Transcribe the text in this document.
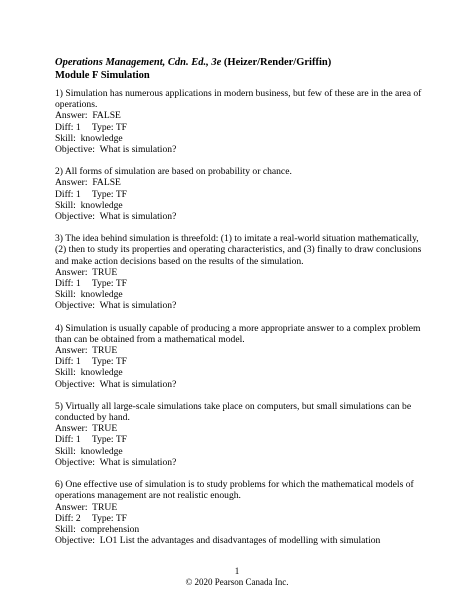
Operations Management, Cdn. Ed., 3e (Heizer/Render/Griffin)
Module F Simulation

1) Simulation has numerous applications in modern business, but few of these are in the area of operations.

Answer:  FALSE
Diff: 1 Type: TF
Skill:  knowledge
Objective:  What is simulation?

2) All forms of simulation are based on probability or chance.

Answer:  FALSE
Diff: 1 Type: TF
Skill:  knowledge
Objective:  What is simulation?

3) The idea behind simulation is threefold: (1) to imitate a real-world situation mathematically, (2) then to study its properties and operating characteristics, and (3) finally to draw conclusions and make action decisions based on the results of the simulation.

Answer:  TRUE
Diff: 1 Type: TF
Skill:  knowledge
Objective:  What is simulation?

4) Simulation is usually capable of producing a more appropriate answer to a complex problem than can be obtained from a mathematical model.

Answer:  TRUE
Diff: 1 Type: TF
Skill:  knowledge
Objective:  What is simulation?

5) Virtually all large-scale simulations take place on computers, but small simulations can be conducted by hand.

Answer:  TRUE
Diff: 1 Type: TF
Skill:  knowledge
Objective:  What is simulation?

6) One effective use of simulation is to study problems for which the mathematical models of operations management are not realistic enough.

Answer:  TRUE
Diff: 2 Type: TF
Skill:  comprehension
Objective:  LO1 List the advantages and disadvantages of modelling with simulation
1
© 2020 Pearson Canada Inc.
